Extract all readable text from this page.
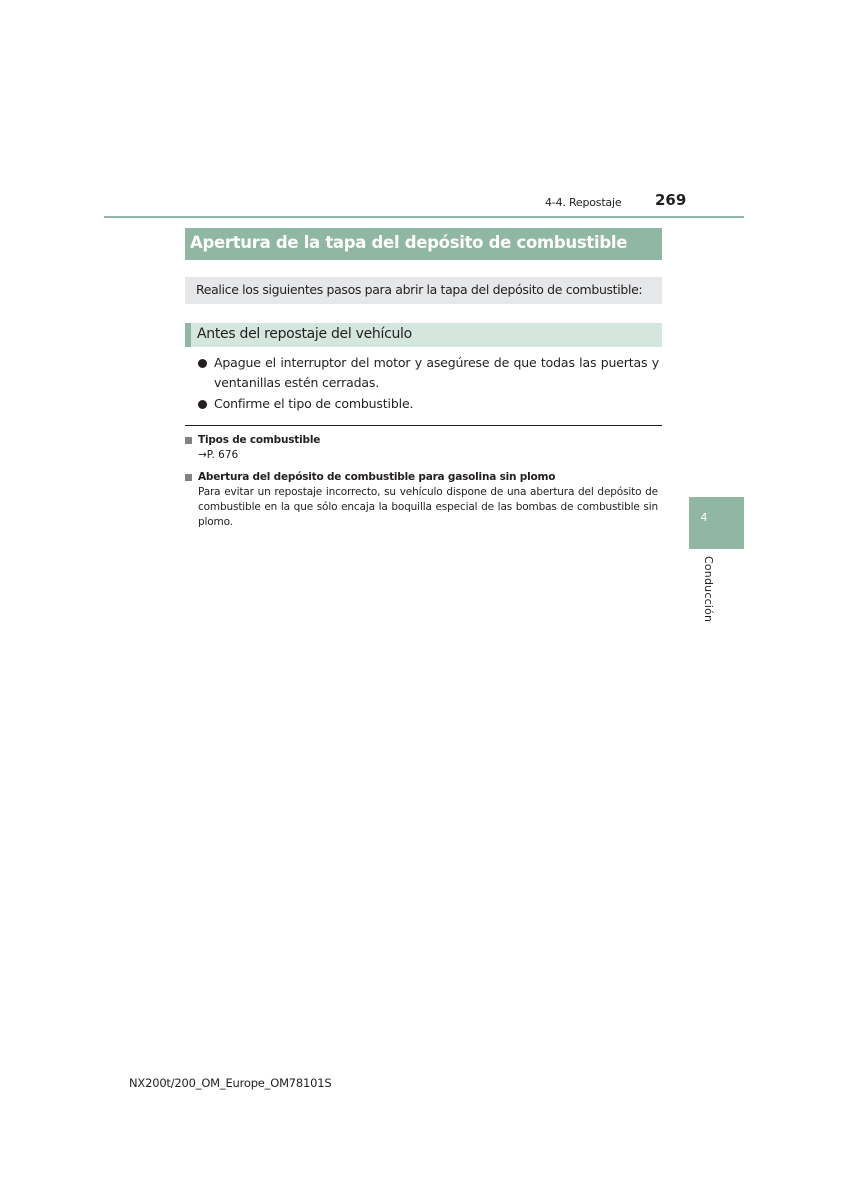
4-4. Repostaje 269
4
Conducción
Apertura de la tapa del depósito de combustible
Realice los siguientes pasos para abrir la tapa del depósito de combustible:
Antes del repostaje del vehículo
Apague el interruptor del motor y asegúrese de que todas las puertas y ventanillas estén cerradas.
Confirme el tipo de combustible.
Tipos de combustible
→P. 676
Abertura del depósito de combustible para gasolina sin plomo
Para evitar un repostaje incorrecto, su vehículo dispone de una abertura del depósito de combustible en la que sólo encaja la boquilla especial de las bombas de combustible sin plomo.
NX200t/200_OM_Europe_OM78101S
